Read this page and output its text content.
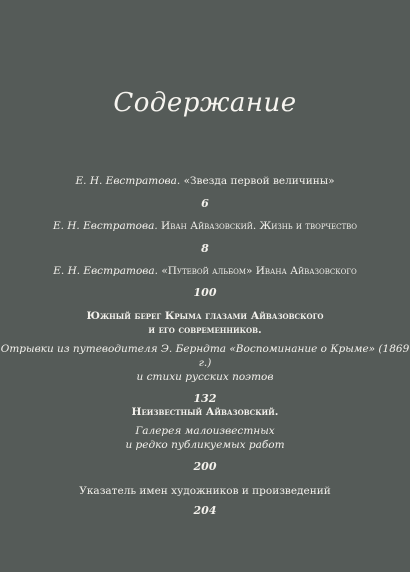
Содержание
Е. Н. Евстратова. «Звезда первой величины»
6
Е. Н. Евстратова. Иван Айвазовский. Жизнь и творчество
8
Е. Н. Евстратова. «Путевой альбом» Ивана Айвазовского
100
Южный берег Крыма глазами Айвазовского
и его современников.
Отрывки из путеводителя Э. Берндта «Воспоминание о Крыме» (1869 г.)
и стихи русских поэтов
132
Неизвестный Айвазовский.
Галерея малоизвестных
и редко публикуемых работ
200
Указатель имен художников и произведений
204
